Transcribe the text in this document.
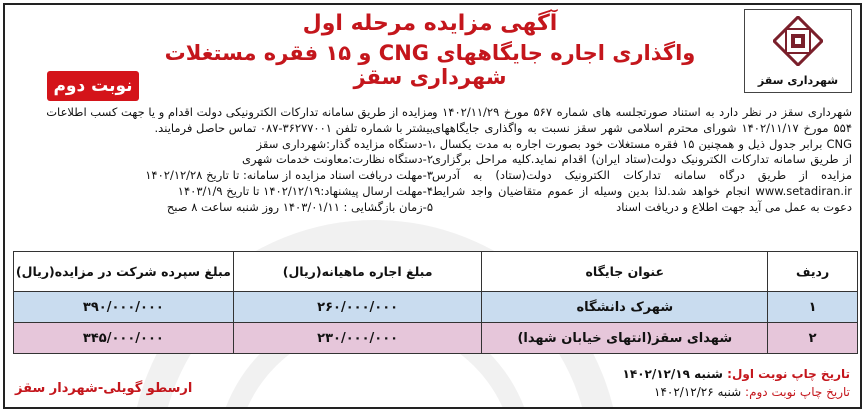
شهرداری سقز
آگهی مزایده مرحله اول
واگذاری اجاره جایگاههای CNG و ۱۵ فقره مستغلات شهرداری سقز
نوبت دوم
شهرداری سقز در نظر دارد به استناد صورتجلسه های شماره ۵۶۷ مورخ ۱۴۰۲/۱۱/۲۹ و ۵۵۴ مورخ ۱۴۰۲/۱۱/۱۷ شورای محترم اسلامی شهر سقز نسبت به واگذاری جایگاههای CNG برابر جدول ذیل و همچنین ۱۵ فقره مستغلات خود بصورت اجاره به مدت یکسال ، از طریق سامانه تدارکات الکترونیک دولت(ستاد ایران) اقدام نماید.کلیه مراحل برگزاری مزایده از طریق درگاه سامانه تدارکات الکترونیک دولت(ستاد) به آدرس www.setadiran.ir انجام خواهد شد.لذا بدین وسیله از عموم متقاضیان واجد شرایط دعوت به عمل می آید جهت اطلاع و دریافت اسناد
مزایده از طریق سامانه تدارکات الکترونیکی دولت اقدام و یا جهت کسب اطلاعات
بیشتر با شماره تلفن ۳۶۲۷۷۰۰۱-۰۸۷ تماس حاصل فرمایند.
۱-دستگاه مزایده گذار:شهرداری سقز
۲-دستگاه نظارت:معاونت خدمات شهری
۳-مهلت دریافت اسناد مزایده از سامانه: تا تاریخ ۱۴۰۲/۱۲/۲۸
۴-مهلت ارسال پیشنهاد:۱۴۰۲/۱۲/۱۹ تا تاریخ ۱۴۰۳/۱/۹
۵-زمان بازگشایی : ۱۴۰۳/۰۱/۱۱ روز شنبه ساعت ۸ صبح
ردیف	عنوان جایگاه	مبلغ اجاره ماهیانه(ریال)	مبلغ سپرده شرکت در مزایده(ریال)
۱	شهرک دانشگاه	۲۶۰/۰۰۰/۰۰۰	۳۹۰/۰۰۰/۰۰۰
۲	شهدای سقز(انتهای خیابان شهدا)	۲۳۰/۰۰۰/۰۰۰	۳۴۵/۰۰۰/۰۰۰
تاریخ چاپ نوبت اول: شنبه ۱۴۰۲/۱۲/۱۹
تاریخ چاپ نوبت دوم: شنبه ۱۴۰۲/۱۲/۲۶
ارسطو گویلی-شهردار سقز
